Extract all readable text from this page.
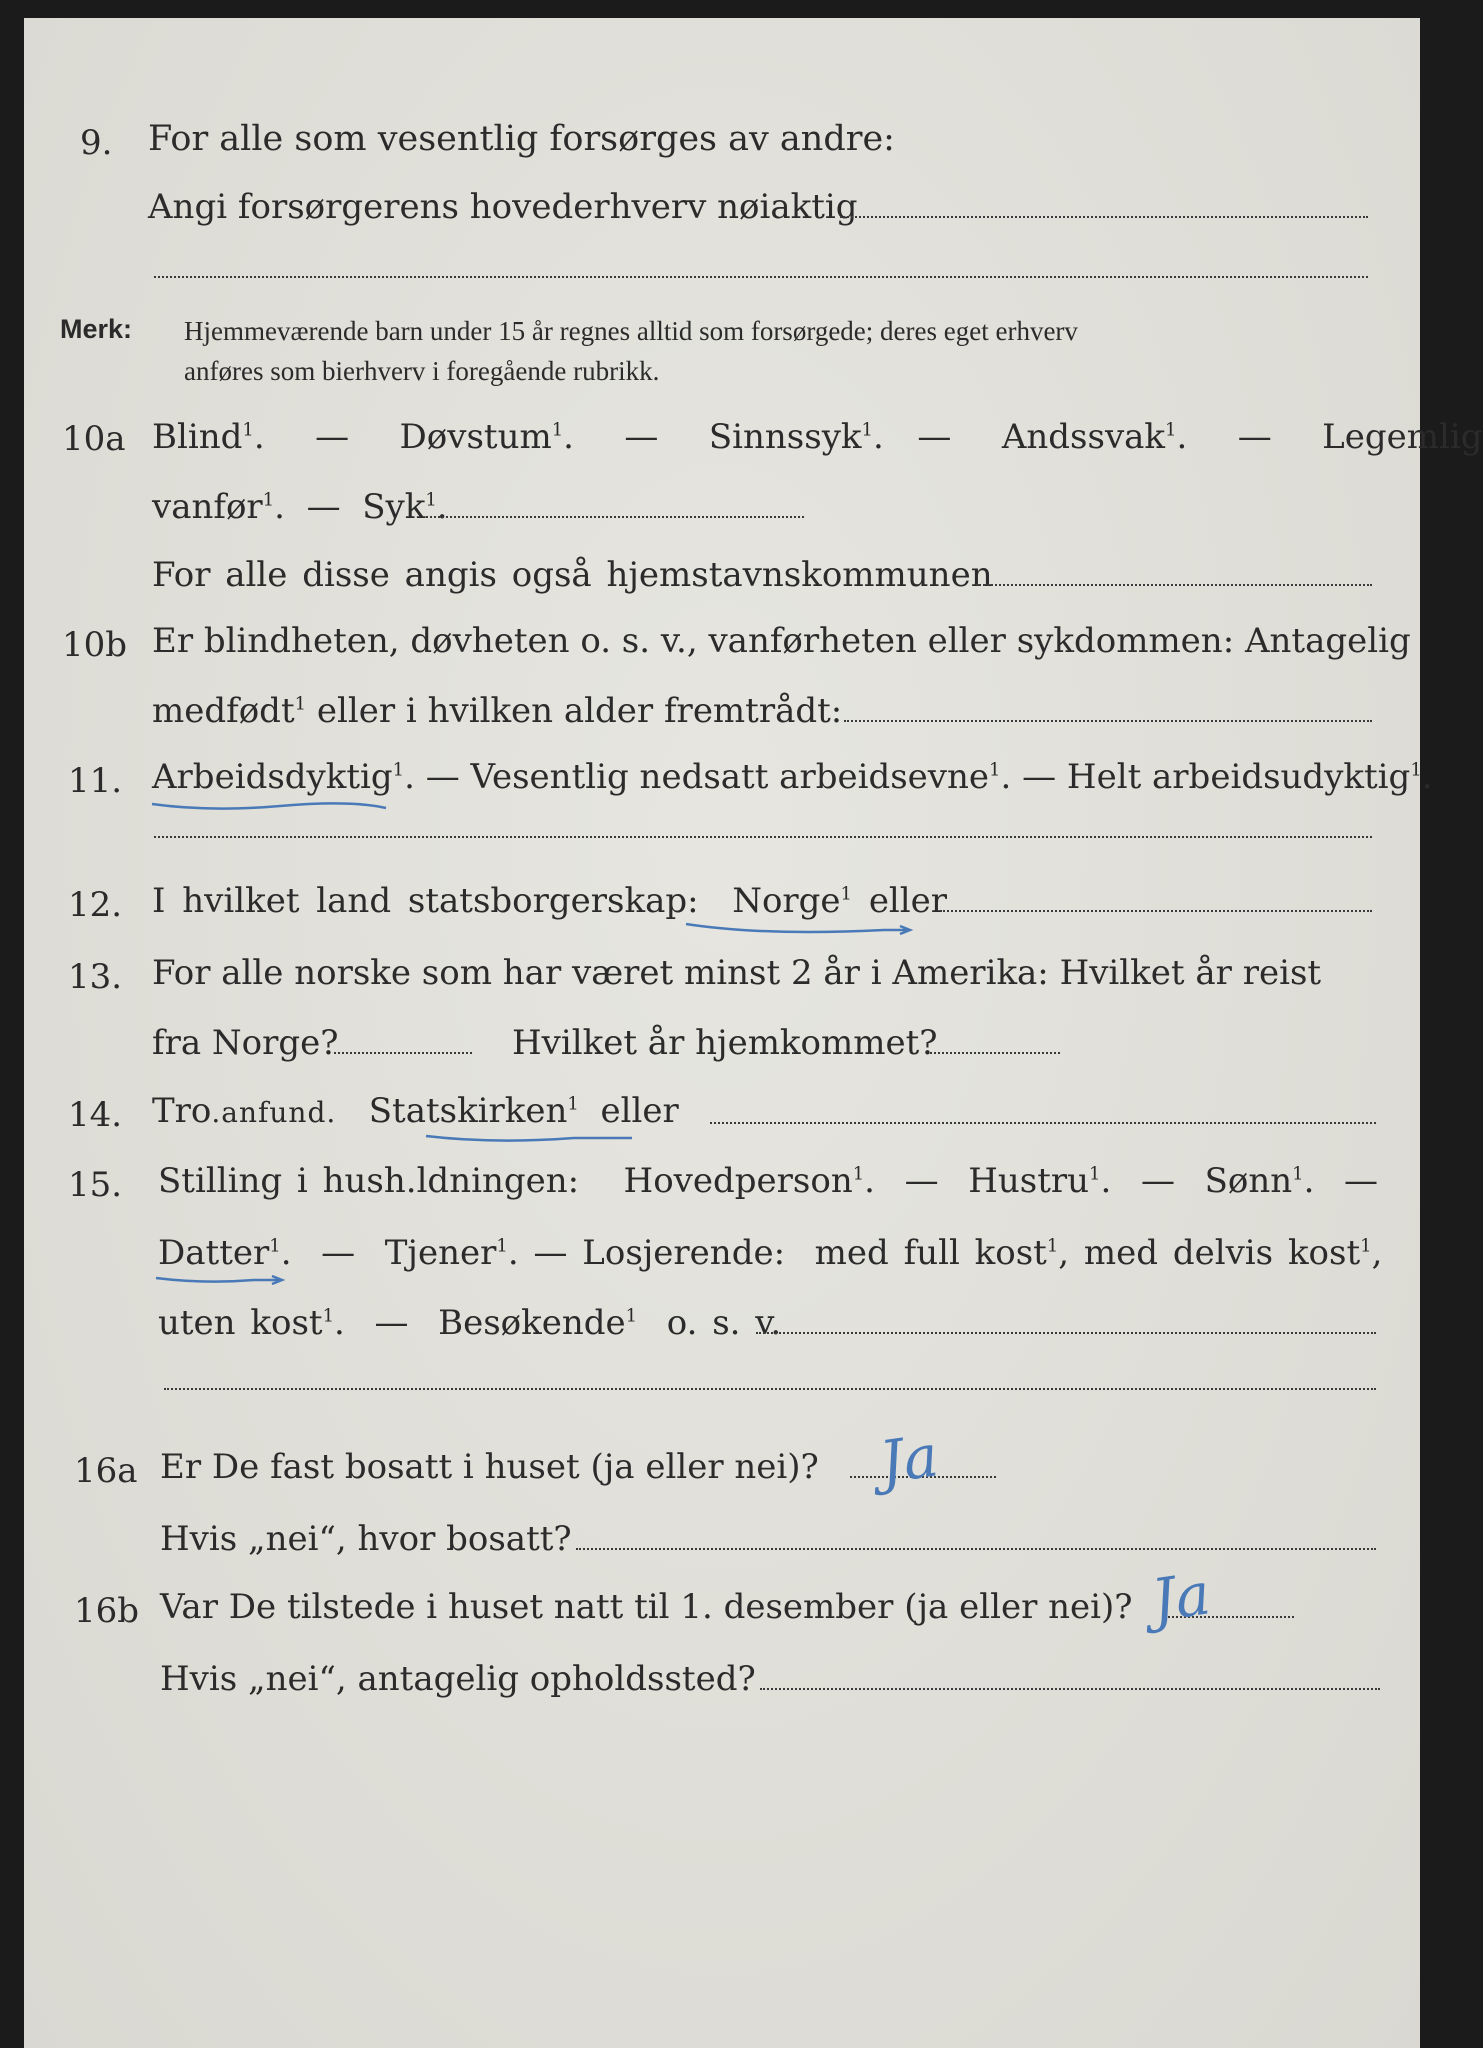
9. For alle som vesentlig forsørges av andre:
Angi forsørgerens hovederhverv nøiaktig
Merk: Hjemmeværende barn under 15 år regnes alltid som forsørgede; deres eget erhverv
anføres som bierhverv i foregående rubrikk.
10a Blind$^1$.   — Døvstum$^1$.   — Sinnssyk$^1$.  — Andssvak$^1$.   — Legemlig
vanfør$^1$.  — Syk$^1$.
For alle disse angis også hjemstavnskommunen
10b Er blindheten, døvheten o. s. v., vanførheten eller sykdommen: Antagelig
medfødt$^1$ eller i hvilken alder fremtrådt:
11. Arbeidsdyktig$^1$. — Vesentlig nedsatt arbeidsevne$^1$. — Helt arbeidsudyktig$^1$.
12. I hvilket land statsborgerskap: Norge$^1$ eller
13. For alle norske som har været minst 2 år i Amerika: Hvilket år reist
fra Norge?	Hvilket år hjemkommet?
14. Tro.anfund. Statskirken$^1$ eller
15. Stilling i hush.ldningen: Hovedperson$^1$.  — Hustru$^1$.  — Sønn$^1$.  —
Datter$^1$.  — Tjener$^1$. — Losjerende: med full kost$^1$, med delvis kost$^1$,
uten kost$^1$.  — Besøkende$^1$ o. s. v.
16a Er De fast bosatt i huset (ja eller nei)? Ja
Hvis „nei“, hvor bosatt?
16b Var De tilstede i huset natt til 1. desember (ja eller nei)? Ja
Hvis „nei“, antagelig opholdssted?
